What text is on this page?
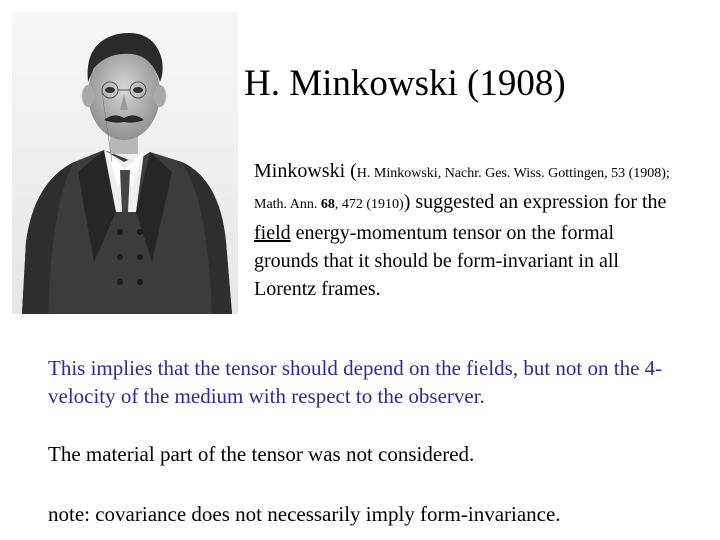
H. Minkowski (1908)
Minkowski (H. Minkowski, Nachr. Ges. Wiss. Gottingen, 53 (1908); Math. Ann. 68, 472 (1910)) suggested an expression for the field energy-momentum tensor on the formal grounds that it should be form-invariant in all Lorentz frames.
This implies that the tensor should depend on the fields, but not on the 4-velocity of the medium with respect to the observer.
The material part of the tensor was not considered.
note: covariance does not necessarily imply form-invariance.
